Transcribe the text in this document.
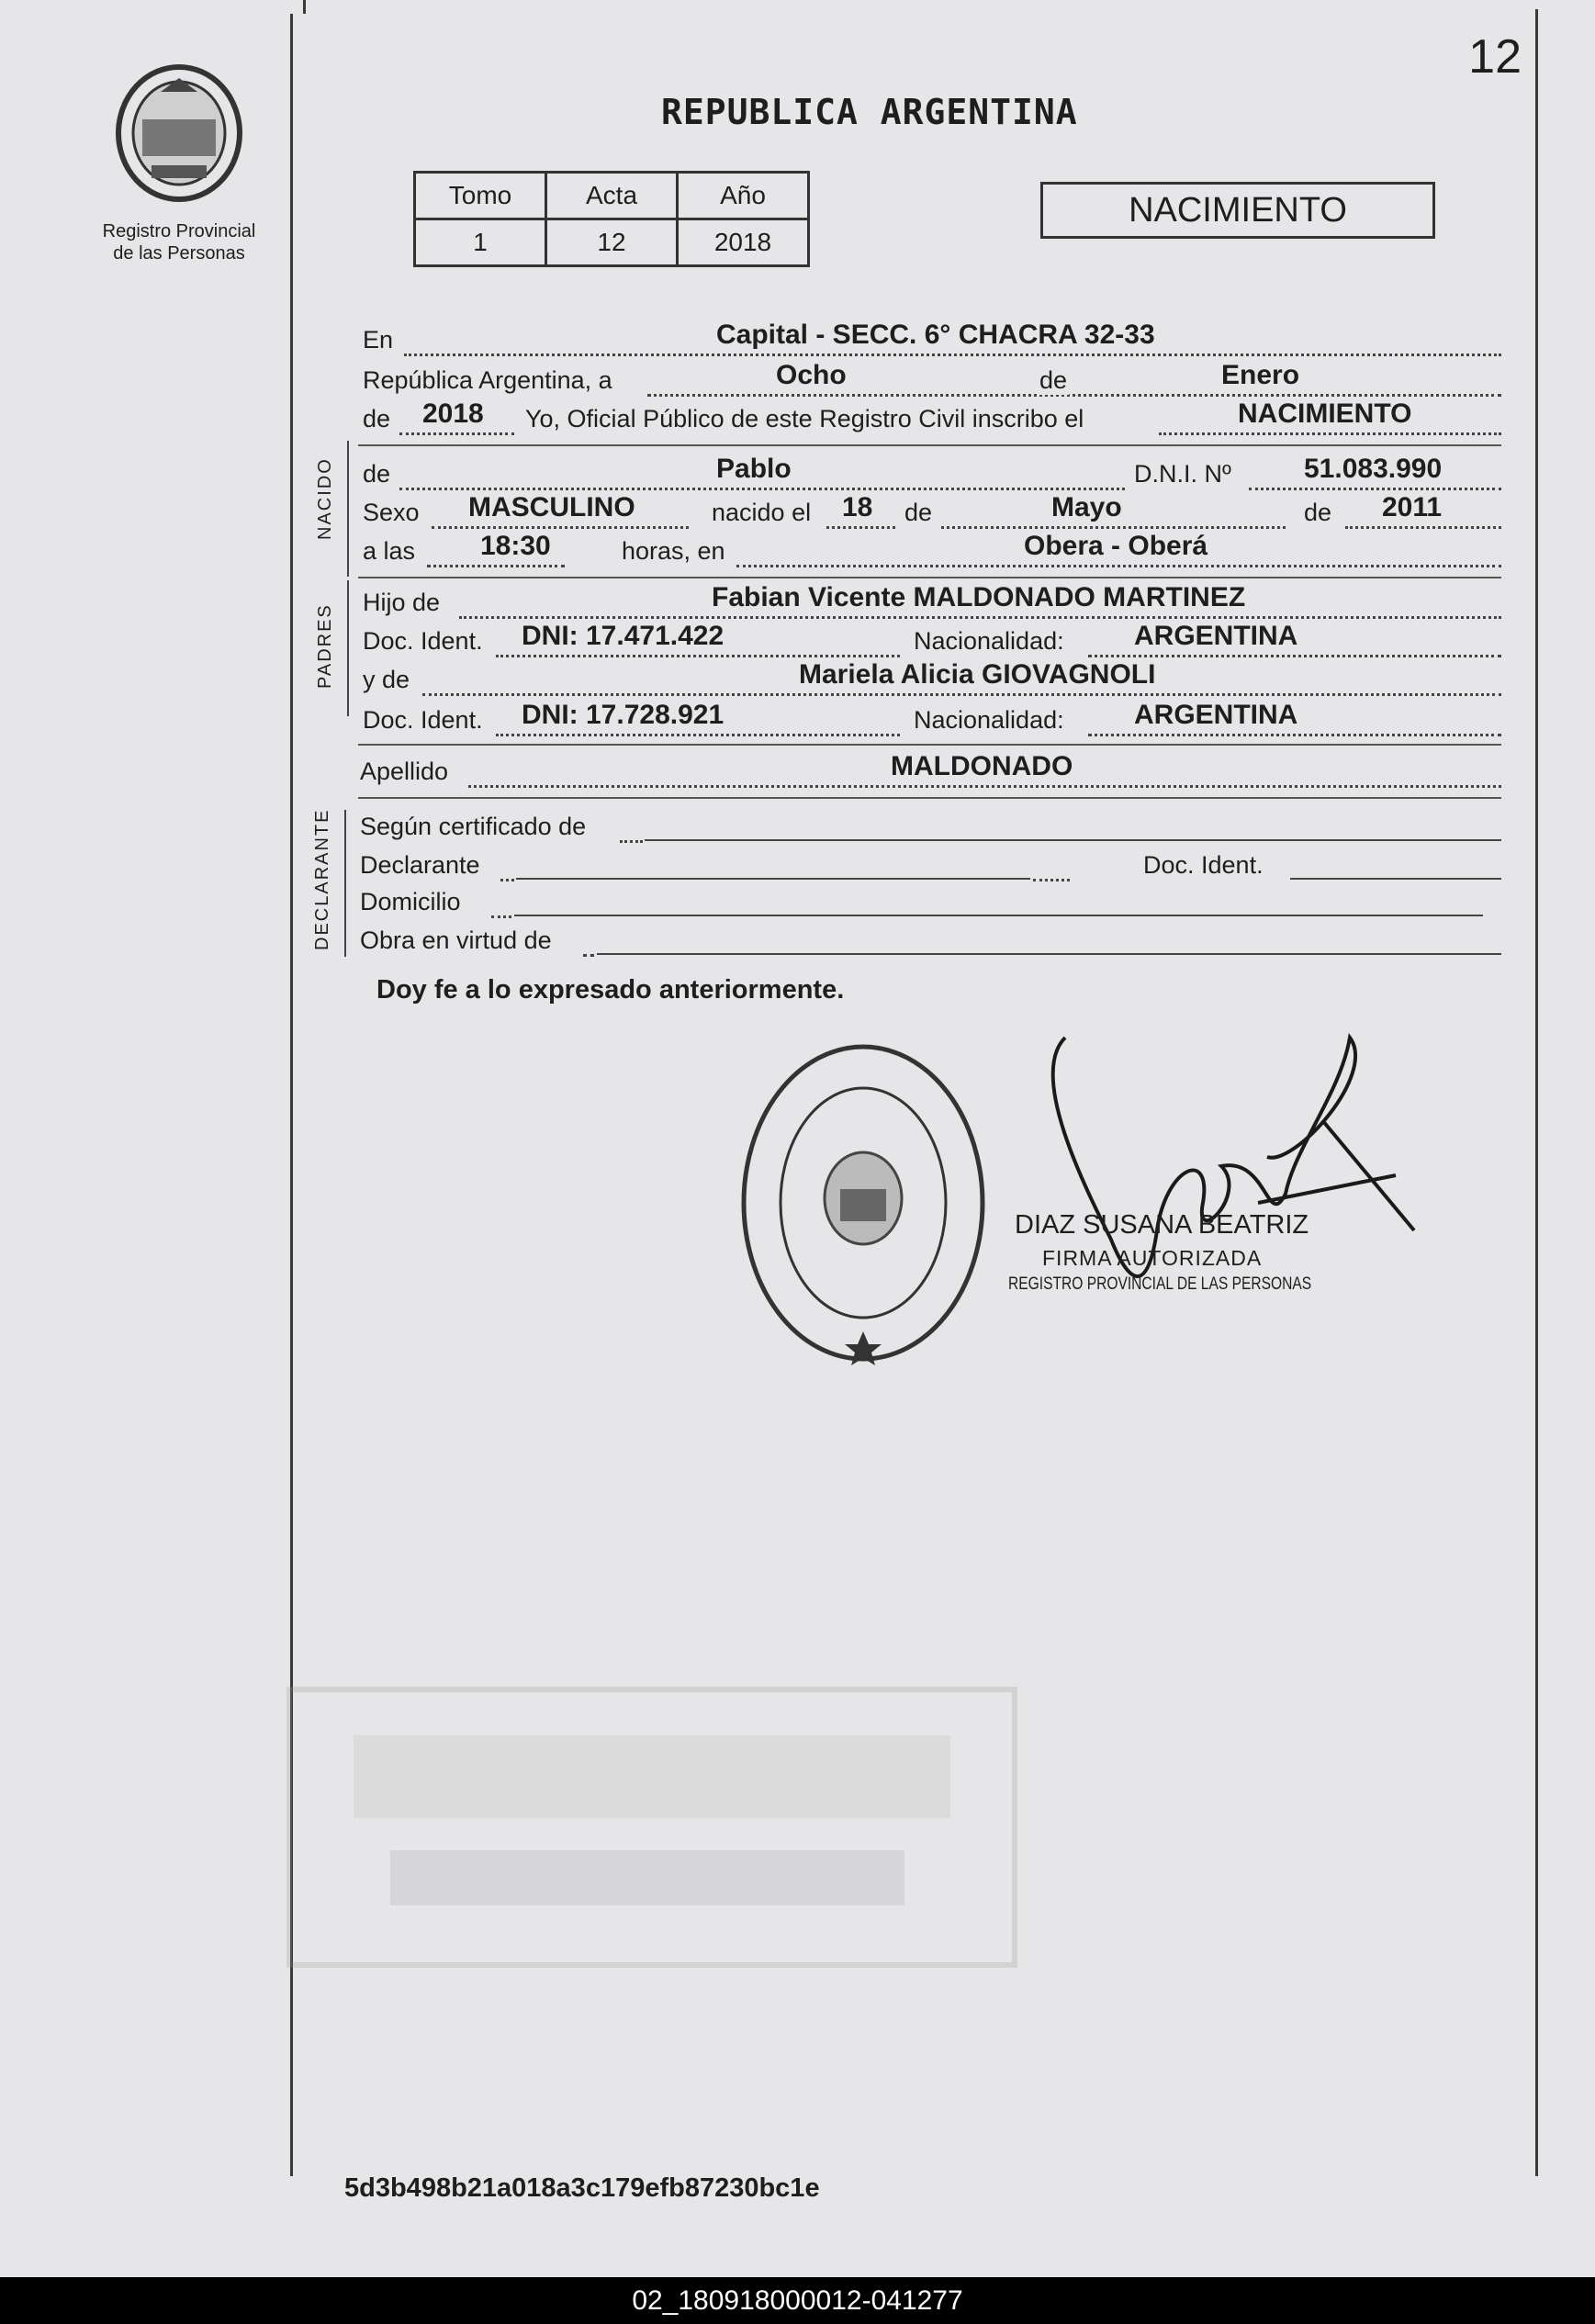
12
Registro Provincial
de las Personas
REPUBLICA ARGENTINA
Tomo	Acta	Año
1	12	2018
NACIMIENTO
En	Capital - SECC. 6° CHACRA 32-33
República Argentina, a	Ocho	de	Enero
de 2018 Yo, Oficial Público de este Registro Civil inscribo el	NACIMIENTO
NACIDO de	Pablo	D.N.I. Nº	51.083.990
Sexo MASCULINO	nacido el 18 de	Mayo	de 2011
a las 18:30	horas, en	Obera - Oberá
PADRES
Hijo de	Fabian Vicente MALDONADO MARTINEZ
Doc. Ident. DNI: 17.471.422	Nacionalidad:	ARGENTINA
y de	Mariela Alicia GIOVAGNOLI
Doc. Ident. DNI: 17.728.921	Nacionalidad:	ARGENTINA
Apellido	MALDONADO
DECLARANTE Según certificado de
Declarante	Doc. Ident.
Domicilio
Obra en virtud de
Doy fe a lo expresado anteriormente.
DIAZ SUSANA BEATRIZ
FIRMA AUTORIZADA
REGISTRO PROVINCIAL DE LAS PERSONAS
5d3b498b21a018a3c179efb87230bc1e
02_180918000012-041277
